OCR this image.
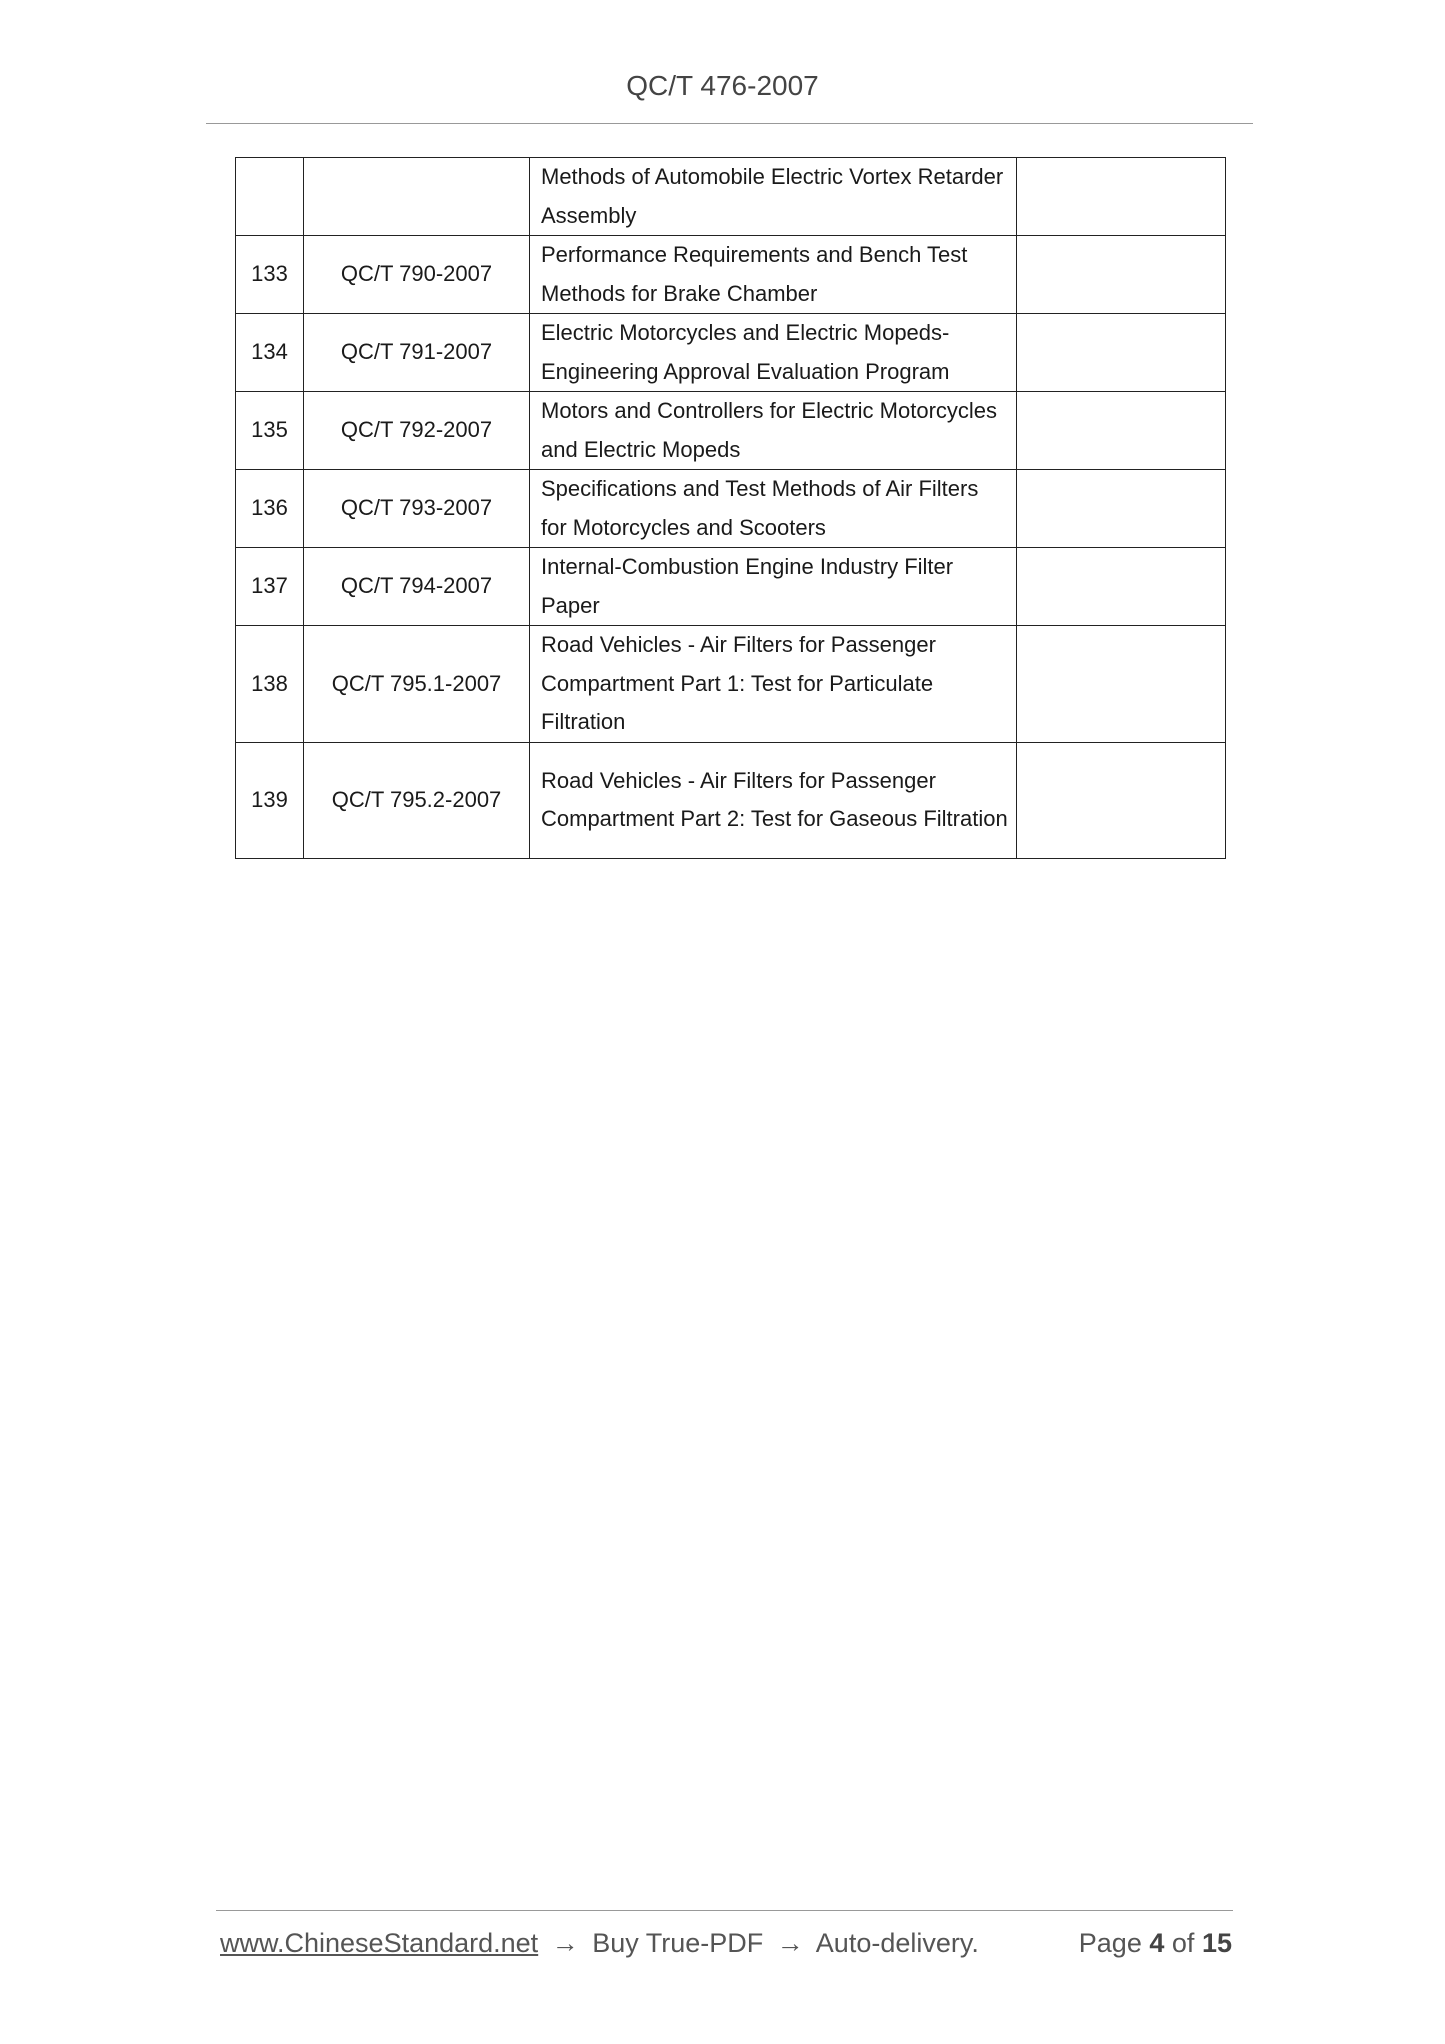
QC/T 476-2007
		Methods of Automobile Electric Vortex Retarder Assembly	
133	QC/T 790-2007	Performance Requirements and Bench Test Methods for Brake Chamber	
134	QC/T 791-2007	Electric Motorcycles and Electric Mopeds-Engineering Approval Evaluation Program	
135	QC/T 792-2007	Motors and Controllers for Electric Motorcycles and Electric Mopeds	
136	QC/T 793-2007	Specifications and Test Methods of Air Filters for Motorcycles and Scooters	
137	QC/T 794-2007	Internal-Combustion Engine Industry Filter Paper	
138	QC/T 795.1-2007	Road Vehicles - Air Filters for Passenger Compartment Part 1: Test for Particulate Filtration	
139	QC/T 795.2-2007	Road Vehicles - Air Filters for Passenger Compartment Part 2: Test for Gaseous Filtration	
www.ChineseStandard.net → Buy True-PDF → Auto-delivery.	Page 4 of 15
